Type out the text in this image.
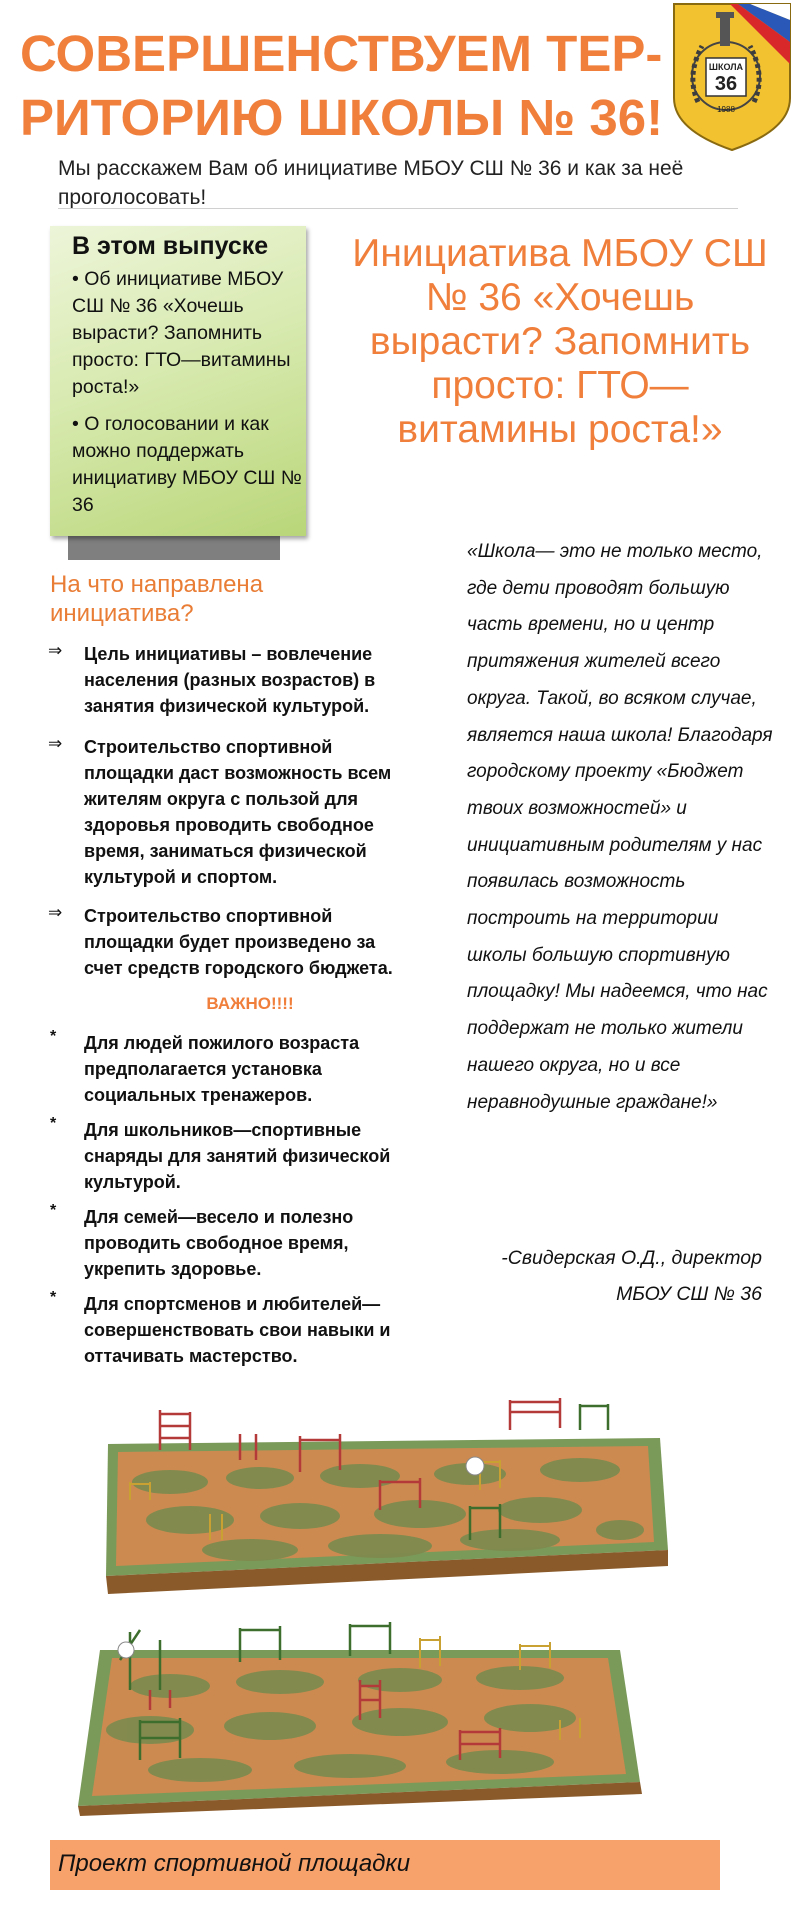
СОВЕРШЕНСТВУЕМ ТЕР-
РИТОРИЮ ШКОЛЫ № 36!
ШКОЛА
36
1988
Мы расскажем Вам об инициативе МБОУ СШ № 36 и как за неё проголосовать!
В этом выпуске
• Об инициативе МБОУ СШ № 36 «Хочешь вырасти? Запомнить просто: ГТО—витамины роста!»
• О голосовании и как можно поддержать инициативу МБОУ СШ № 36
Инициатива МБОУ СШ № 36 «Хочешь вырасти? Запомнить просто: ГТО—витамины роста!»
На что направлена инициатива?
⇒ Цель инициативы – вовлечение населения (разных возрастов) в занятия физической культурой.
⇒ Строительство спортивной площадки даст возможность всем жителям округа с пользой для здоровья проводить свободное время, заниматься физической культурой и спортом.
⇒ Строительство спортивной площадки будет произведено за счет средств городского бюджета.
ВАЖНО!!!!
* Для людей пожилого возраста предполагается установка социальных тренажеров.
* Для школьников—спортивные снаряды для занятий физической культурой.
* Для семей—весело и полезно проводить свободное время, укрепить здоровье.
* Для спортсменов и любителей—совершенствовать свои навыки и оттачивать мастерство.
«Школа— это не только место, где дети проводят большую часть времени, но и центр притяжения жителей всего округа. Такой, во всяком случае, является наша школа! Благодаря городскому проекту «Бюджет твоих возможностей» и инициативным родителям у нас появилась возможность построить на территории школы большую спортивную площадку! Мы надеемся, что нас поддержат не только жители нашего округа, но и все неравнодушные граждане!»
-Свидерская О.Д., директор
МБОУ СШ № 36
Проект спортивной площадки
